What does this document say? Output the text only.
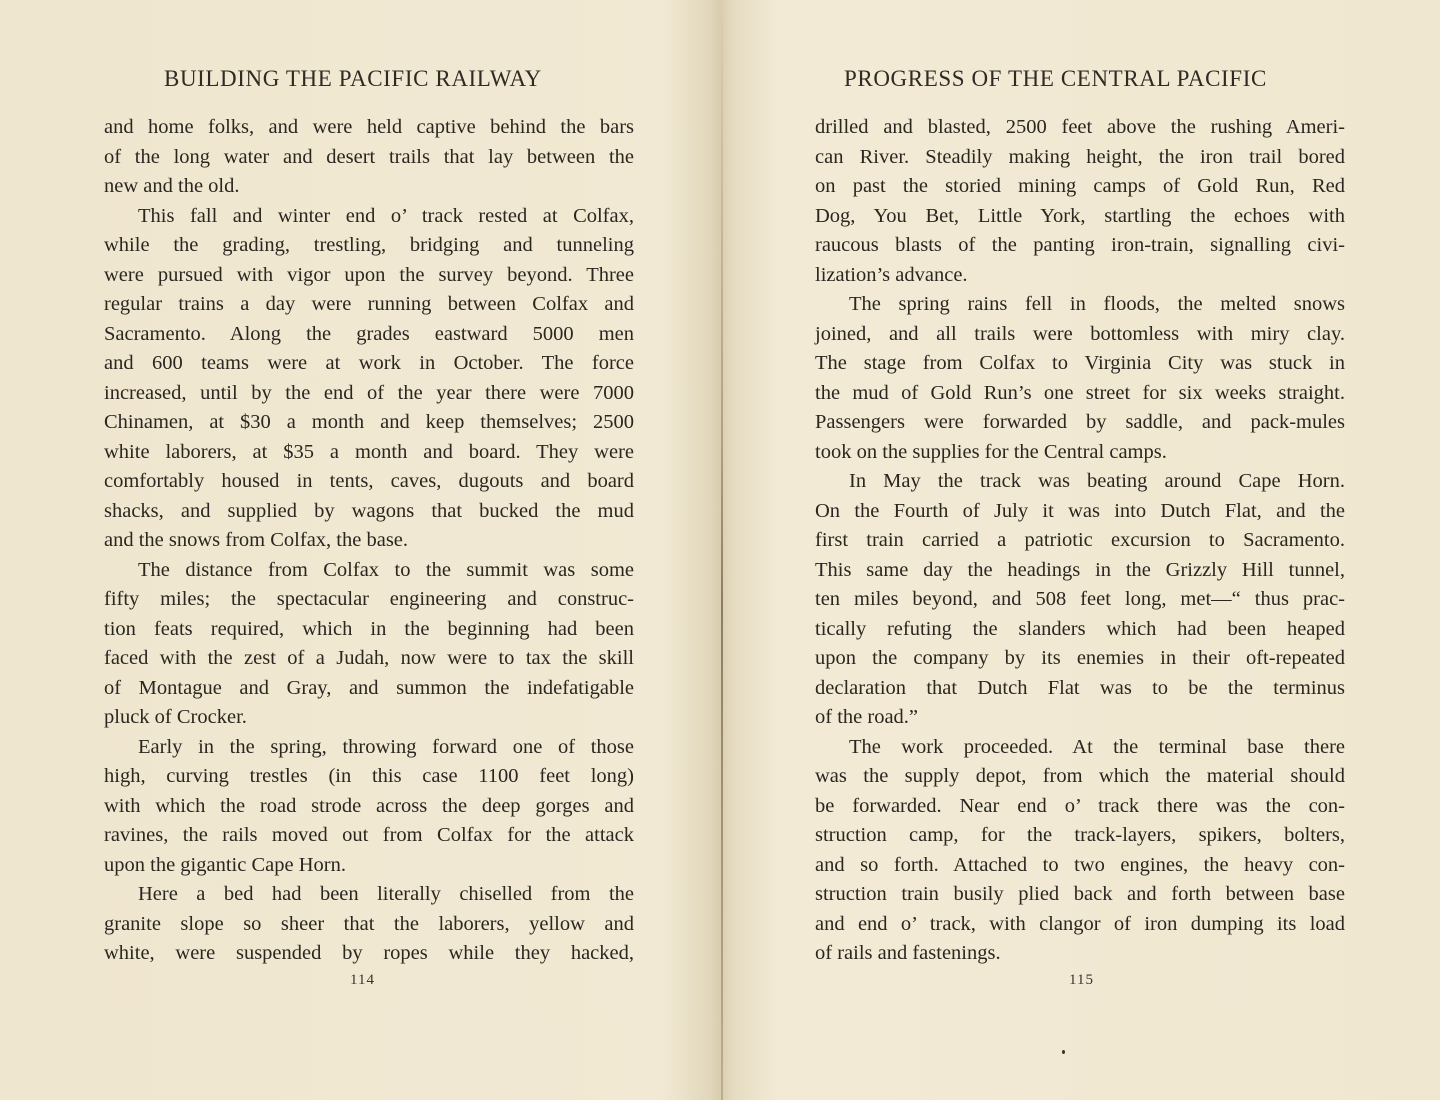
BUILDING THE PACIFIC RAILWAY
and home folks, and were held captive behind the bars
of the long water and desert trails that lay between the
new and the old.
This fall and winter end o’ track rested at Colfax,
while the grading, trestling, bridging and tunneling
were pursued with vigor upon the survey beyond. Three
regular trains a day were running between Colfax and
Sacramento. Along the grades eastward 5000 men
and 600 teams were at work in October. The force
increased, until by the end of the year there were 7000
Chinamen, at $30 a month and keep themselves; 2500
white laborers, at $35 a month and board. They were
comfortably housed in tents, caves, dugouts and board
shacks, and supplied by wagons that bucked the mud
and the snows from Colfax, the base.
The distance from Colfax to the summit was some
fifty miles; the spectacular engineering and construc-
tion feats required, which in the beginning had been
faced with the zest of a Judah, now were to tax the skill
of Montague and Gray, and summon the indefatigable
pluck of Crocker.
Early in the spring, throwing forward one of those
high, curving trestles (in this case 1100 feet long)
with which the road strode across the deep gorges and
ravines, the rails moved out from Colfax for the attack
upon the gigantic Cape Horn.
Here a bed had been literally chiselled from the
granite slope so sheer that the laborers, yellow and
white, were suspended by ropes while they hacked,
114
PROGRESS OF THE CENTRAL PACIFIC
drilled and blasted, 2500 feet above the rushing Ameri-
can River. Steadily making height, the iron trail bored
on past the storied mining camps of Gold Run, Red
Dog, You Bet, Little York, startling the echoes with
raucous blasts of the panting iron-train, signalling civi-
lization’s advance.
The spring rains fell in floods, the melted snows
joined, and all trails were bottomless with miry clay.
The stage from Colfax to Virginia City was stuck in
the mud of Gold Run’s one street for six weeks straight.
Passengers were forwarded by saddle, and pack-mules
took on the supplies for the Central camps.
In May the track was beating around Cape Horn.
On the Fourth of July it was into Dutch Flat, and the
first train carried a patriotic excursion to Sacramento.
This same day the headings in the Grizzly Hill tunnel,
ten miles beyond, and 508 feet long, met—“ thus prac-
tically refuting the slanders which had been heaped
upon the company by its enemies in their oft-repeated
declaration that Dutch Flat was to be the terminus
of the road.”
The work proceeded. At the terminal base there
was the supply depot, from which the material should
be forwarded. Near end o’ track there was the con-
struction camp, for the track-layers, spikers, bolters,
and so forth. Attached to two engines, the heavy con-
struction train busily plied back and forth between base
and end o’ track, with clangor of iron dumping its load
of rails and fastenings.
115
